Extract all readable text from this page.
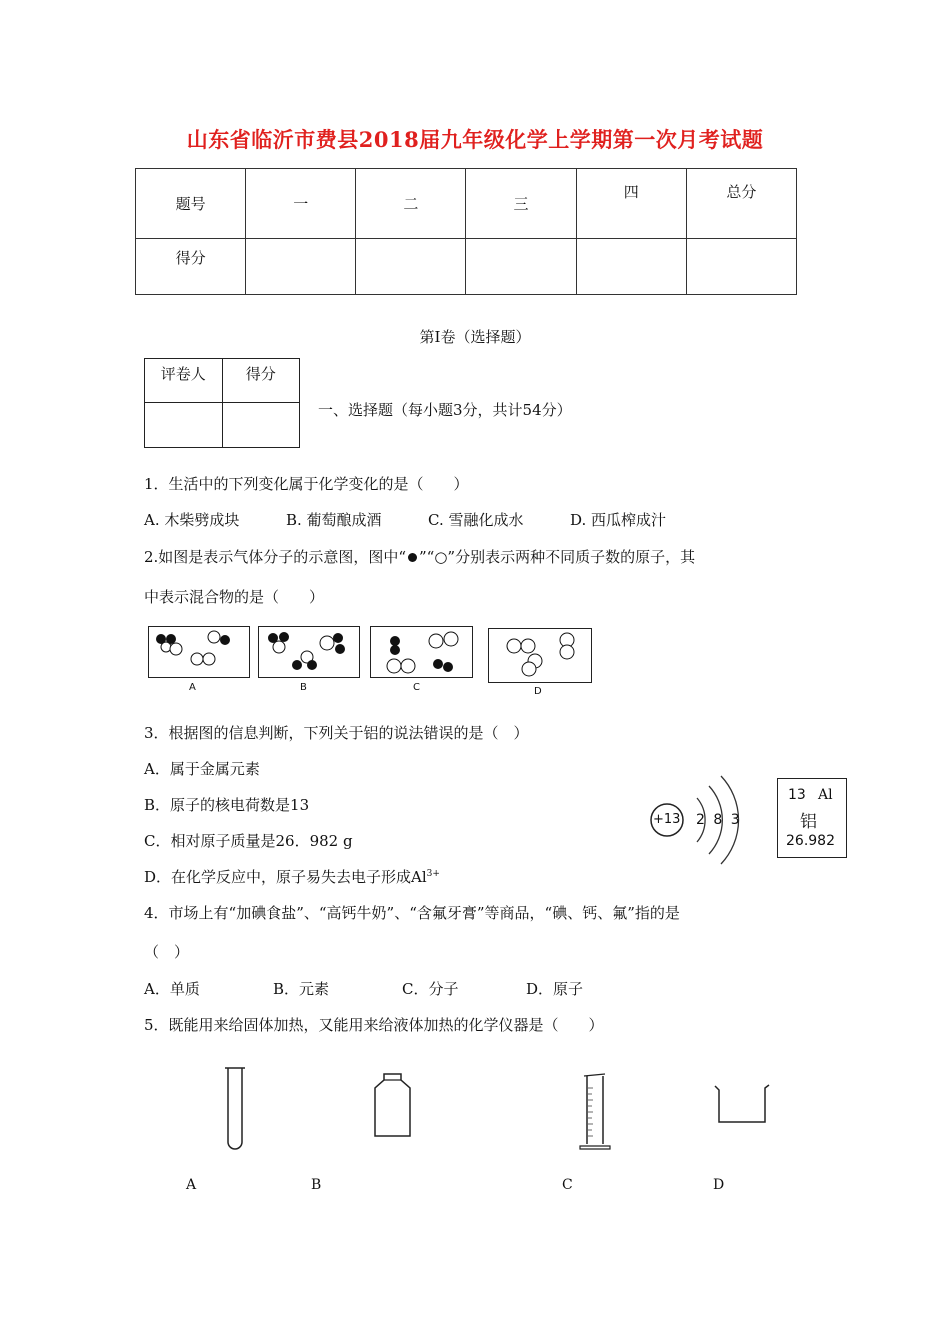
山东省临沂市费县2018届九年级化学上学期第一次月考试题
题号	一	二	三	四	总分
得分					
第Ⅰ卷（选择题）
评卷人	得分

一、选择题（每小题3分，共计54分）
1．生活中的下列变化属于化学变化的是（　　）
A. 木柴劈成块	B. 葡萄酿成酒	C. 雪融化成水	D. 西瓜榨成汁
2.如图是表示气体分子的示意图，图中“ ”“○”分别表示两种不同质子数的原子，其
中表示混合物的是（　　）
A	B	C	D
3．根据图的信息判断，下列关于铝的说法错误的是（　）
A．属于金属元素
B．原子的核电荷数是13
C．相对原子质量是26．982 g
D．在化学反应中，原子易失去电子形成$Al^{3+}$
+13 2 8 3
13 Al
铝
26.982
4．市场上有“加碘食盐”、“高钙牛奶”、“含氟牙膏”等商品，“碘、钙、氟”指的是
（　）
A．单质	B．元素	C．分子	D．原子
5．既能用来给固体加热，又能用来给液体加热的化学仪器是（　　）
A	B	C	D
